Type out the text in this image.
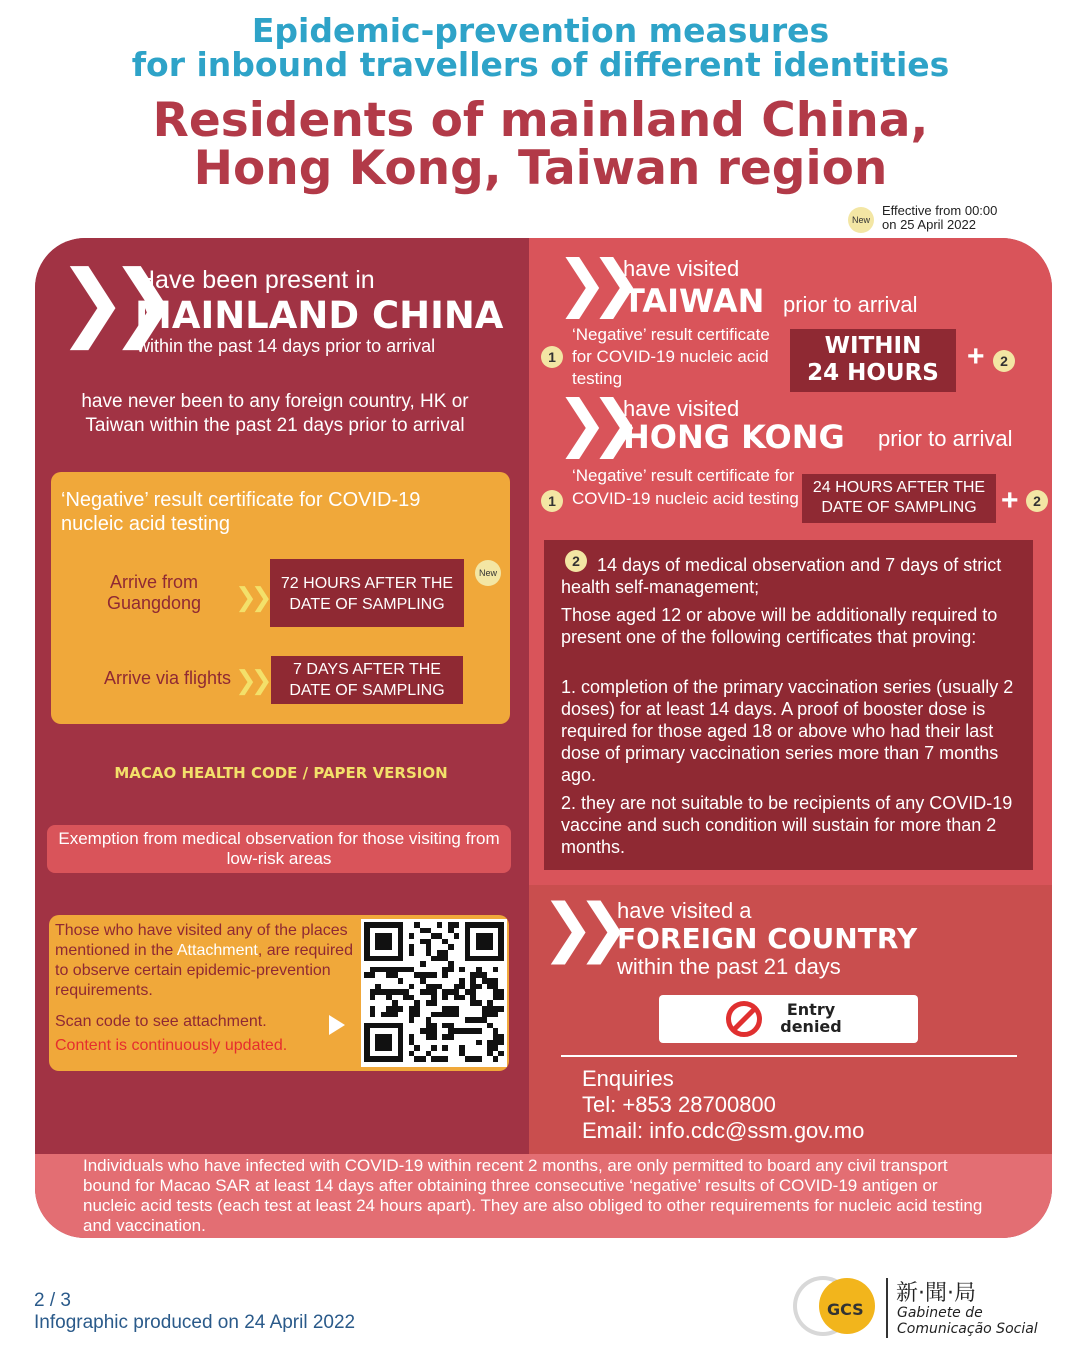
Epidemic-prevention measures
for inbound travellers of different identities
Residents of mainland China,
Hong Kong, Taiwan region
New
Effective from 00:00
on 25 April 2022
❯❯
Have been present in
MAINLAND CHINA
within the past 14 days prior to arrival
have never been to any foreign country, HK or Taiwan within the past 21 days prior to arrival
‘Negative’ result certificate for COVID-19 nucleic acid testing
Arrive from Guangdong	❯❯ 72 HOURS AFTER THE DATE OF SAMPLING
New
Arrive via flights ❯❯	7 DAYS AFTER THE DATE OF SAMPLING
MACAO HEALTH CODE / PAPER VERSION
Exemption from medical observation for those visiting from low-risk areas
Those who have visited any of the places mentioned in the Attachment, are required to observe certain epidemic-prevention requirements.
Scan code to see attachment.
Content is continuously updated.
❯❯ have visited
TAIWAN prior to arrival
1
‘Negative’ result certificate for COVID-19 nucleic acid testing
WITHIN
24 HOURS +	2
❯❯ have visited
HONG KONG prior to arrival
1
‘Negative’ result certificate for COVID-19 nucleic acid testing
24 HOURS AFTER THE DATE OF SAMPLING +	2
2 14 days of medical observation and 7 days of strict health self-management;
Those aged 12 or above will be additionally required to present one of the following certificates that proving:
1. completion of the primary vaccination series (usually 2 doses) for at least 14 days. A proof of booster dose is required for those aged 18 or above who had their last dose of primary vaccination series more than 7 months ago.
2. they are not suitable to be recipients of any COVID-19 vaccine and such condition will sustain for more than 2 months.
❯❯ have visited a
FOREIGN COUNTRY
within the past 21 days
Entry
denied
Enquiries
Tel: +853 28700800
Email: info.cdc@ssm.gov.mo
Individuals who have infected with COVID-19 within recent 2 months, are only permitted to board any civil transport bound for Macao SAR at least 14 days after obtaining three consecutive ‘negative’ results of COVID-19 antigen or nucleic acid tests (each test at least 24 hours apart). They are also obliged to other requirements for nucleic acid testing and vaccination.
2 / 3
Infographic produced on 24 April 2022
GCS
新·聞·局
Gabinete de
Comunicação Social
